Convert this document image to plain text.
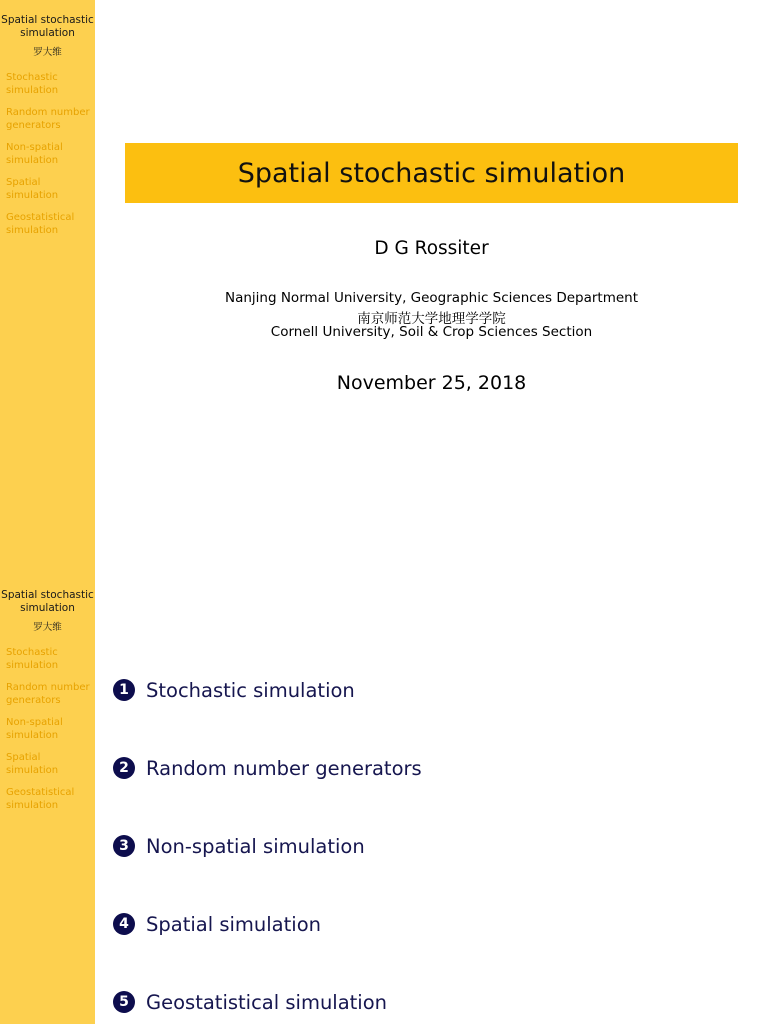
Spatial stochastic simulation
罗大维
Stochastic simulation
Random number generators
Non-spatial simulation
Spatial simulation
Geostatistical simulation
Spatial stochastic simulation
D G Rossiter
Nanjing Normal University, Geographic Sciences Department
南京师范大学地理学学院
Cornell University, Soil & Crop Sciences Section
November 25, 2018
Spatial stochastic simulation
罗大维
Stochastic simulation
Random number generators
Non-spatial simulation
Spatial simulation
Geostatistical simulation
1 Stochastic simulation
2 Random number generators
3 Non-spatial simulation
4 Spatial simulation
5 Geostatistical simulation
